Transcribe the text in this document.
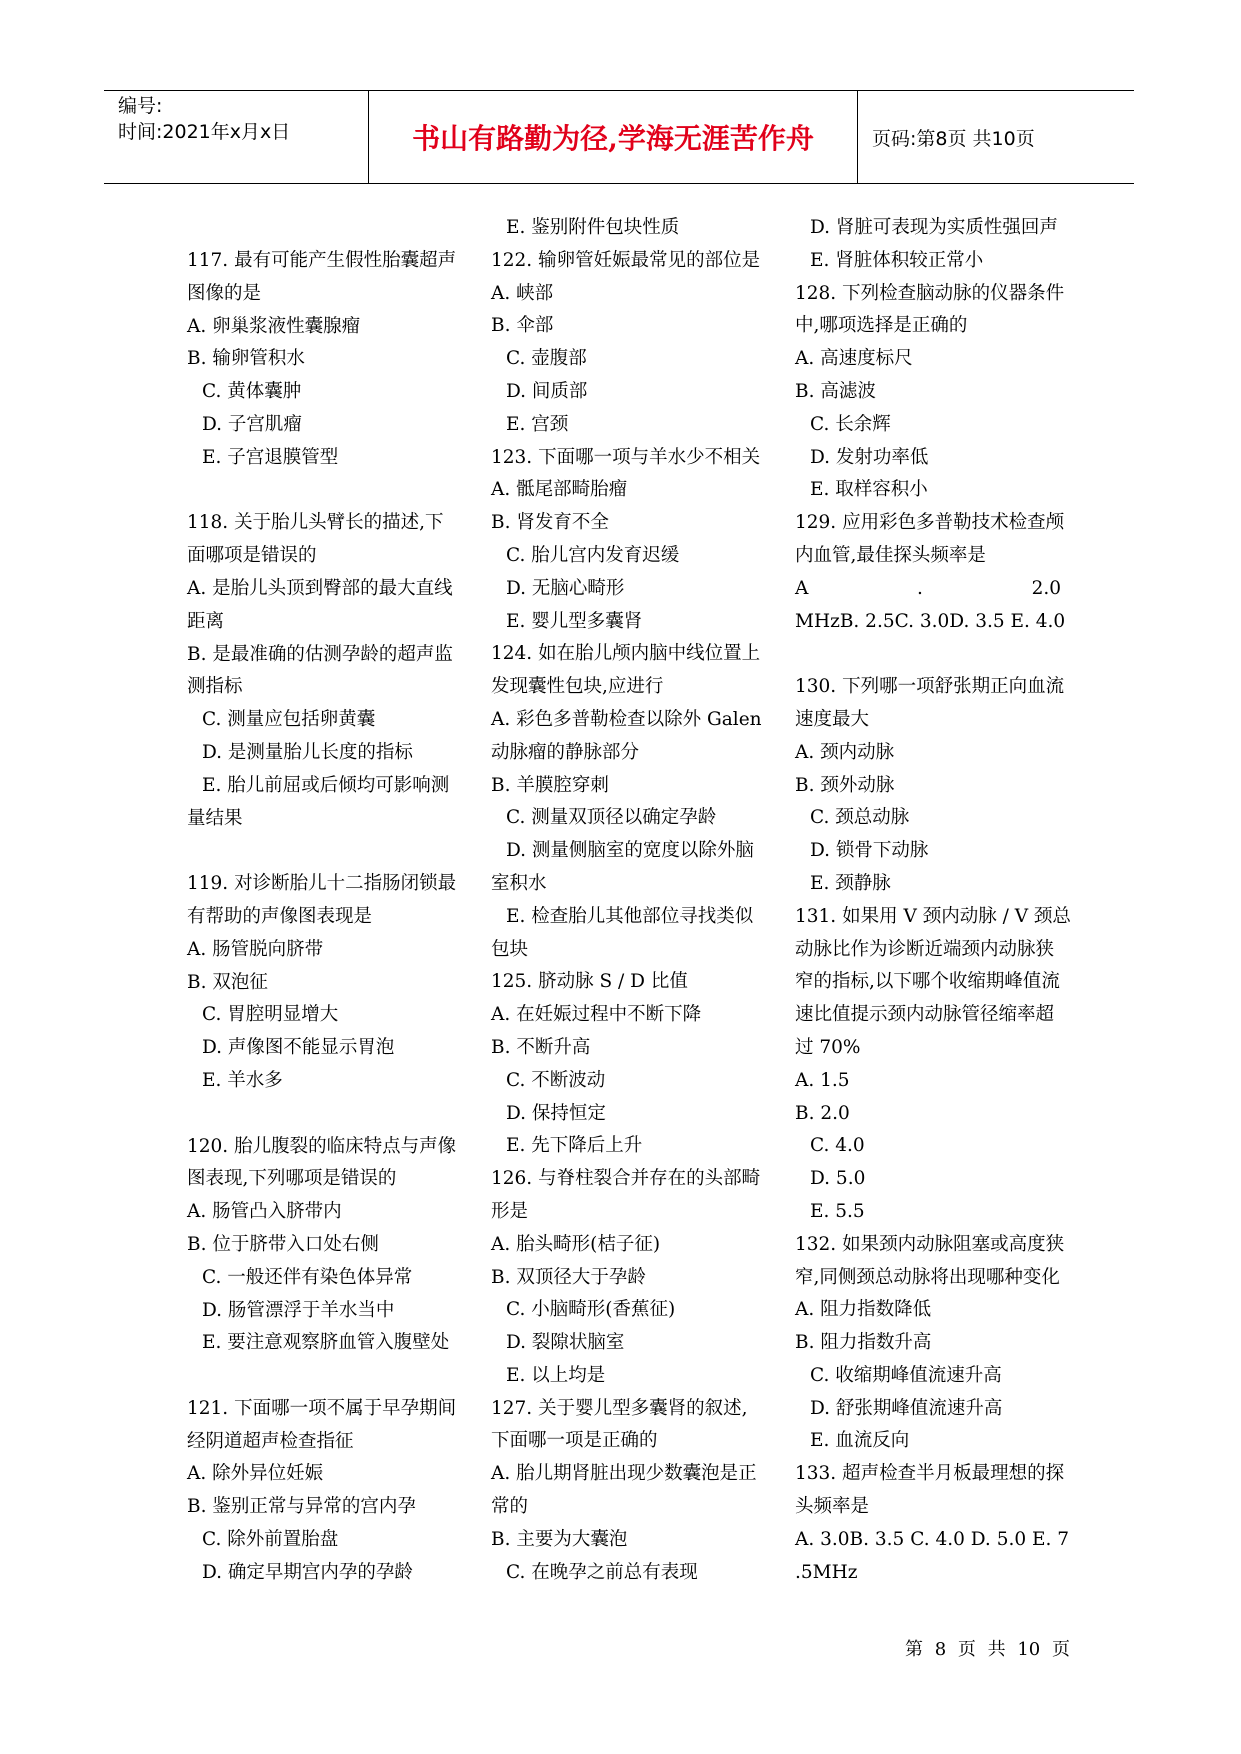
编号:
时间:2021年x月x日	书山有路勤为径,学海无涯苦作舟	页码:第8页 共10页
117. 最有可能产生假性胎囊超声
图像的是
A. 卵巢浆液性囊腺瘤
B. 输卵管积水
C. 黄体囊肿
D. 子宫肌瘤
E. 子宫退膜管型
118. 关于胎儿头臂长的描述,下
面哪项是错误的
A. 是胎儿头顶到臀部的最大直线
距离
B. 是最准确的估测孕龄的超声监
测指标
C. 测量应包括卵黄囊
D. 是测量胎儿长度的指标
E. 胎儿前屈或后倾均可影响测
量结果
119. 对诊断胎儿十二指肠闭锁最
有帮助的声像图表现是
A. 肠管脱向脐带
B. 双泡征
C. 胃腔明显增大
D. 声像图不能显示胃泡
E. 羊水多
120. 胎儿腹裂的临床特点与声像
图表现,下列哪项是错误的
A. 肠管凸入脐带内
B. 位于脐带入口处右侧
C. 一般还伴有染色体异常
D. 肠管漂浮于羊水当中
E. 要注意观察脐血管入腹壁处
121. 下面哪一项不属于早孕期间
经阴道超声检查指征
A. 除外异位妊娠
B. 鉴别正常与异常的宫内孕
C. 除外前置胎盘
D. 确定早期宫内孕的孕龄
E. 鉴别附件包块性质
122. 输卵管妊娠最常见的部位是
A. 峡部
B. 伞部
C. 壶腹部
D. 间质部
E. 宫颈
123. 下面哪一项与羊水少不相关
A. 骶尾部畸胎瘤
B. 肾发育不全
C. 胎儿宫内发育迟缓
D. 无脑心畸形
E. 婴儿型多囊肾
124. 如在胎儿颅内脑中线位置上
发现囊性包块,应进行
A. 彩色多普勒检查以除外 Galen
动脉瘤的静脉部分
B. 羊膜腔穿刺
C. 测量双顶径以确定孕龄
D. 测量侧脑室的宽度以除外脑
室积水
E. 检查胎儿其他部位寻找类似
包块
125. 脐动脉 S / D 比值
A. 在妊娠过程中不断下降
B. 不断升高
C. 不断波动
D. 保持恒定
E. 先下降后上升
126. 与脊柱裂合并存在的头部畸
形是
A. 胎头畸形(桔子征)
B. 双顶径大于孕龄
C. 小脑畸形(香蕉征)
D. 裂隙状脑室
E. 以上均是
127. 关于婴儿型多囊肾的叙述,
下面哪一项是正确的
A. 胎儿期肾脏出现少数囊泡是正
常的
B. 主要为大囊泡
C. 在晚孕之前总有表现
D. 肾脏可表现为实质性强回声
E. 肾脏体积较正常小
128. 下列检查脑动脉的仪器条件
中,哪项选择是正确的
A. 高速度标尺
B. 高滤波
C. 长余辉
D. 发射功率低
E. 取样容积小
129. 应用彩色多普勒技术检查颅
内血管,最佳探头频率是
A	.	2.0
MHzB. 2.5C. 3.0D. 3.5 E. 4.0
130. 下列哪一项舒张期正向血流
速度最大
A. 颈内动脉
B. 颈外动脉
C. 颈总动脉
D. 锁骨下动脉
E. 颈静脉
131. 如果用 V 颈内动脉 / V 颈总
动脉比作为诊断近端颈内动脉狭
窄的指标,以下哪个收缩期峰值流
速比值提示颈内动脉管径缩率超
过 70%
A. 1.5
B. 2.0
C. 4.0
D. 5.0
E. 5.5
132. 如果颈内动脉阻塞或高度狭
窄,同侧颈总动脉将出现哪种变化
A. 阻力指数降低
B. 阻力指数升高
C. 收缩期峰值流速升高
D. 舒张期峰值流速升高
E. 血流反向
133. 超声检查半月板最理想的探
头频率是
A. 3.0B. 3.5 C. 4.0 D. 5.0 E. 7
.5MHz
第 8 页 共 10 页
